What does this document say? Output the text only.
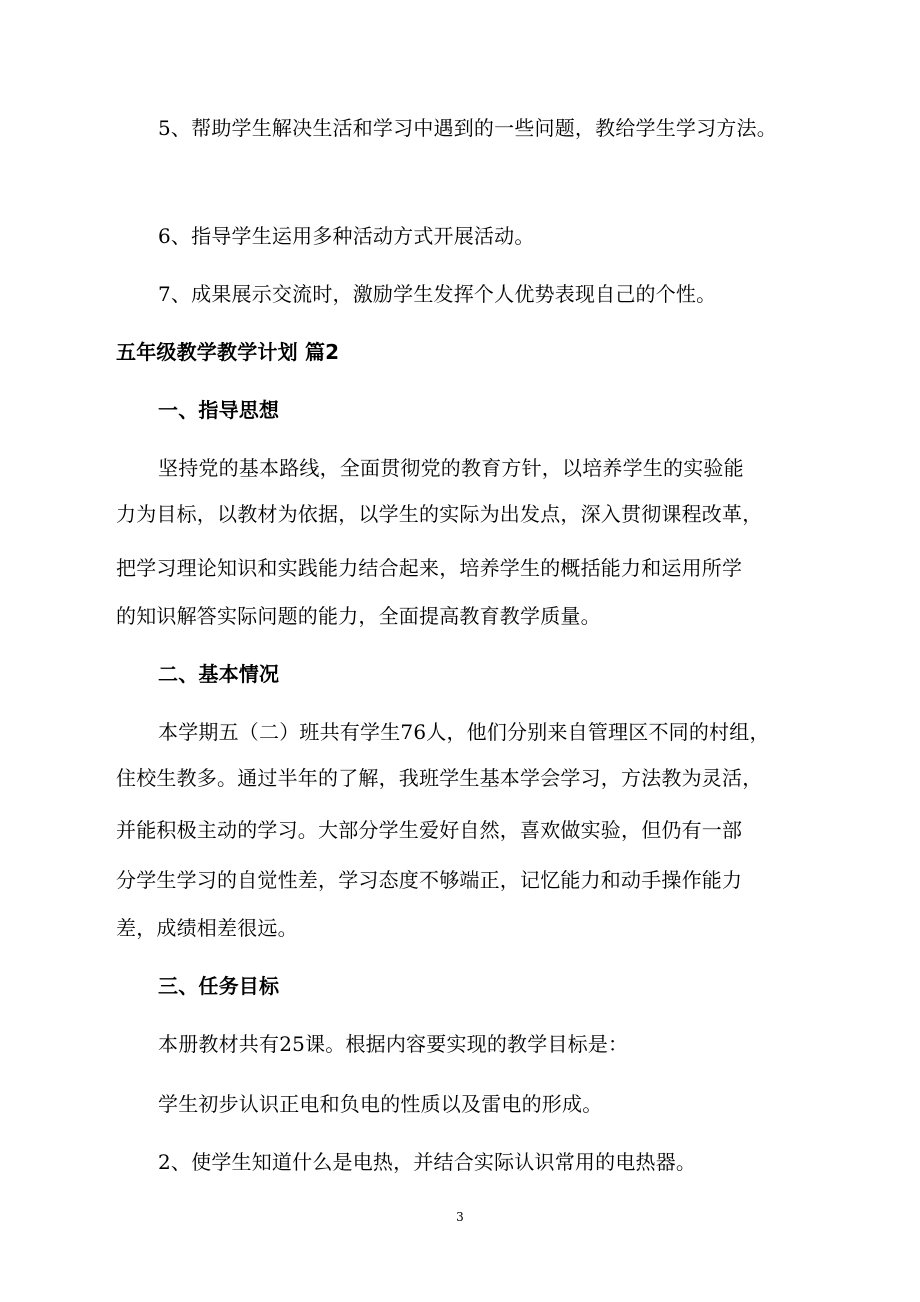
5、帮助学生解决生活和学习中遇到的一些问题，教给学生学习方法。
6、指导学生运用多种活动方式开展活动。
7、成果展示交流时，激励学生发挥个人优势表现自己的个性。
五年级教学教学计划 篇2
一、指导思想
坚持党的基本路线，全面贯彻党的教育方针，以培养学生的实验能
力为目标，以教材为依据，以学生的实际为出发点，深入贯彻课程改革，
把学习理论知识和实践能力结合起来，培养学生的概括能力和运用所学
的知识解答实际问题的能力，全面提高教育教学质量。
二、基本情况
本学期五（二）班共有学生76人，他们分别来自管理区不同的村组，
住校生教多。通过半年的了解，我班学生基本学会学习，方法教为灵活，
并能积极主动的学习。大部分学生爱好自然，喜欢做实验，但仍有一部
分学生学习的自觉性差，学习态度不够端正，记忆能力和动手操作能力
差，成绩相差很远。
三、任务目标
本册教材共有25课。根据内容要实现的教学目标是：
学生初步认识正电和负电的性质以及雷电的形成。
2、使学生知道什么是电热，并结合实际认识常用的电热器。
3
